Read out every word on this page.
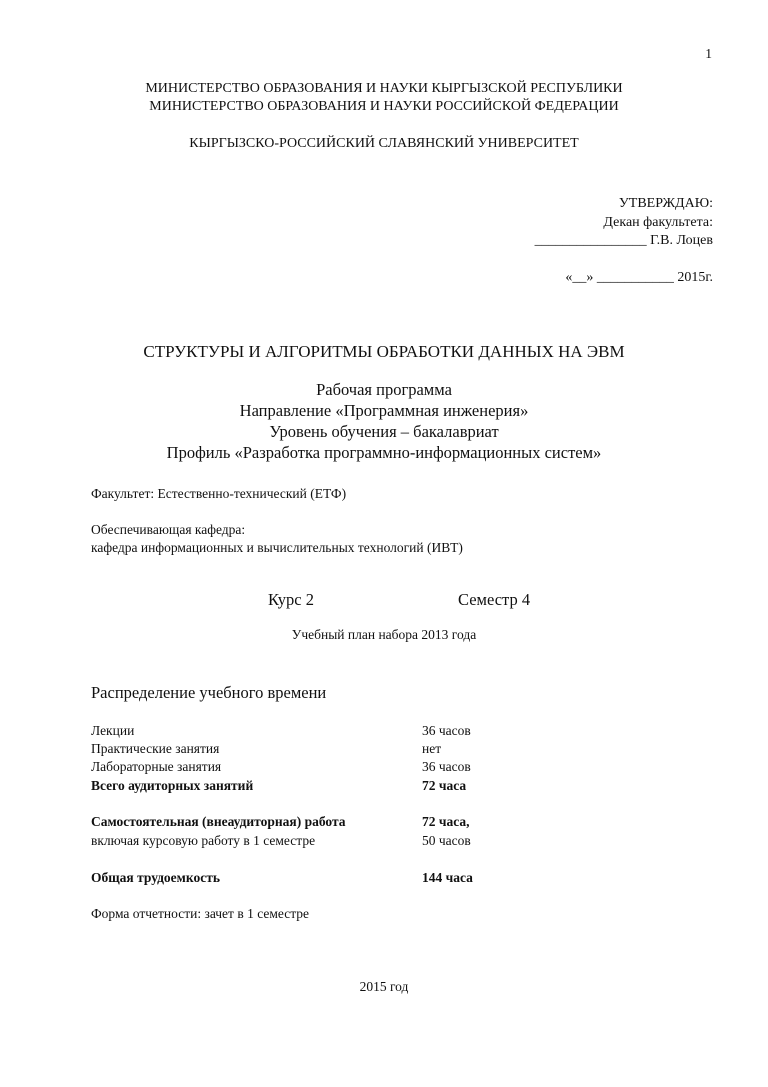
1
МИНИСТЕРСТВО ОБРАЗОВАНИЯ И НАУКИ КЫРГЫЗСКОЙ РЕСПУБЛИКИ
МИНИСТЕРСТВО ОБРАЗОВАНИЯ И НАУКИ РОССИЙСКОЙ ФЕДЕРАЦИИ
КЫРГЫЗСКО-РОССИЙСКИЙ СЛАВЯНСКИЙ УНИВЕРСИТЕТ
УТВЕРЖДАЮ:
Декан факультета:
________________ Г.В. Лоцев
«__» ___________ 2015г.
СТРУКТУРЫ И АЛГОРИТМЫ ОБРАБОТКИ ДАННЫХ НА ЭВМ
Рабочая программа
Направление «Программная инженерия»
Уровень обучения – бакалавриат
Профиль «Разработка программно-информационных систем»
Факультет: Естественно-технический (ЕТФ)
Обеспечивающая кафедра:
кафедра информационных и вычислительных технологий (ИВТ)
Курс 2	Семестр 4
Учебный план набора 2013 года
Распределение учебного времени
Лекции	36 часов
Практические занятия	нет
Лабораторные занятия	36 часов
Всего аудиторных занятий	72 часа
Самостоятельная (внеаудиторная) работа	72 часа,
включая курсовую работу в 1 семестре	50 часов
Общая трудоемкость	144 часа
Форма отчетности: зачет в 1 семестре
2015 год
